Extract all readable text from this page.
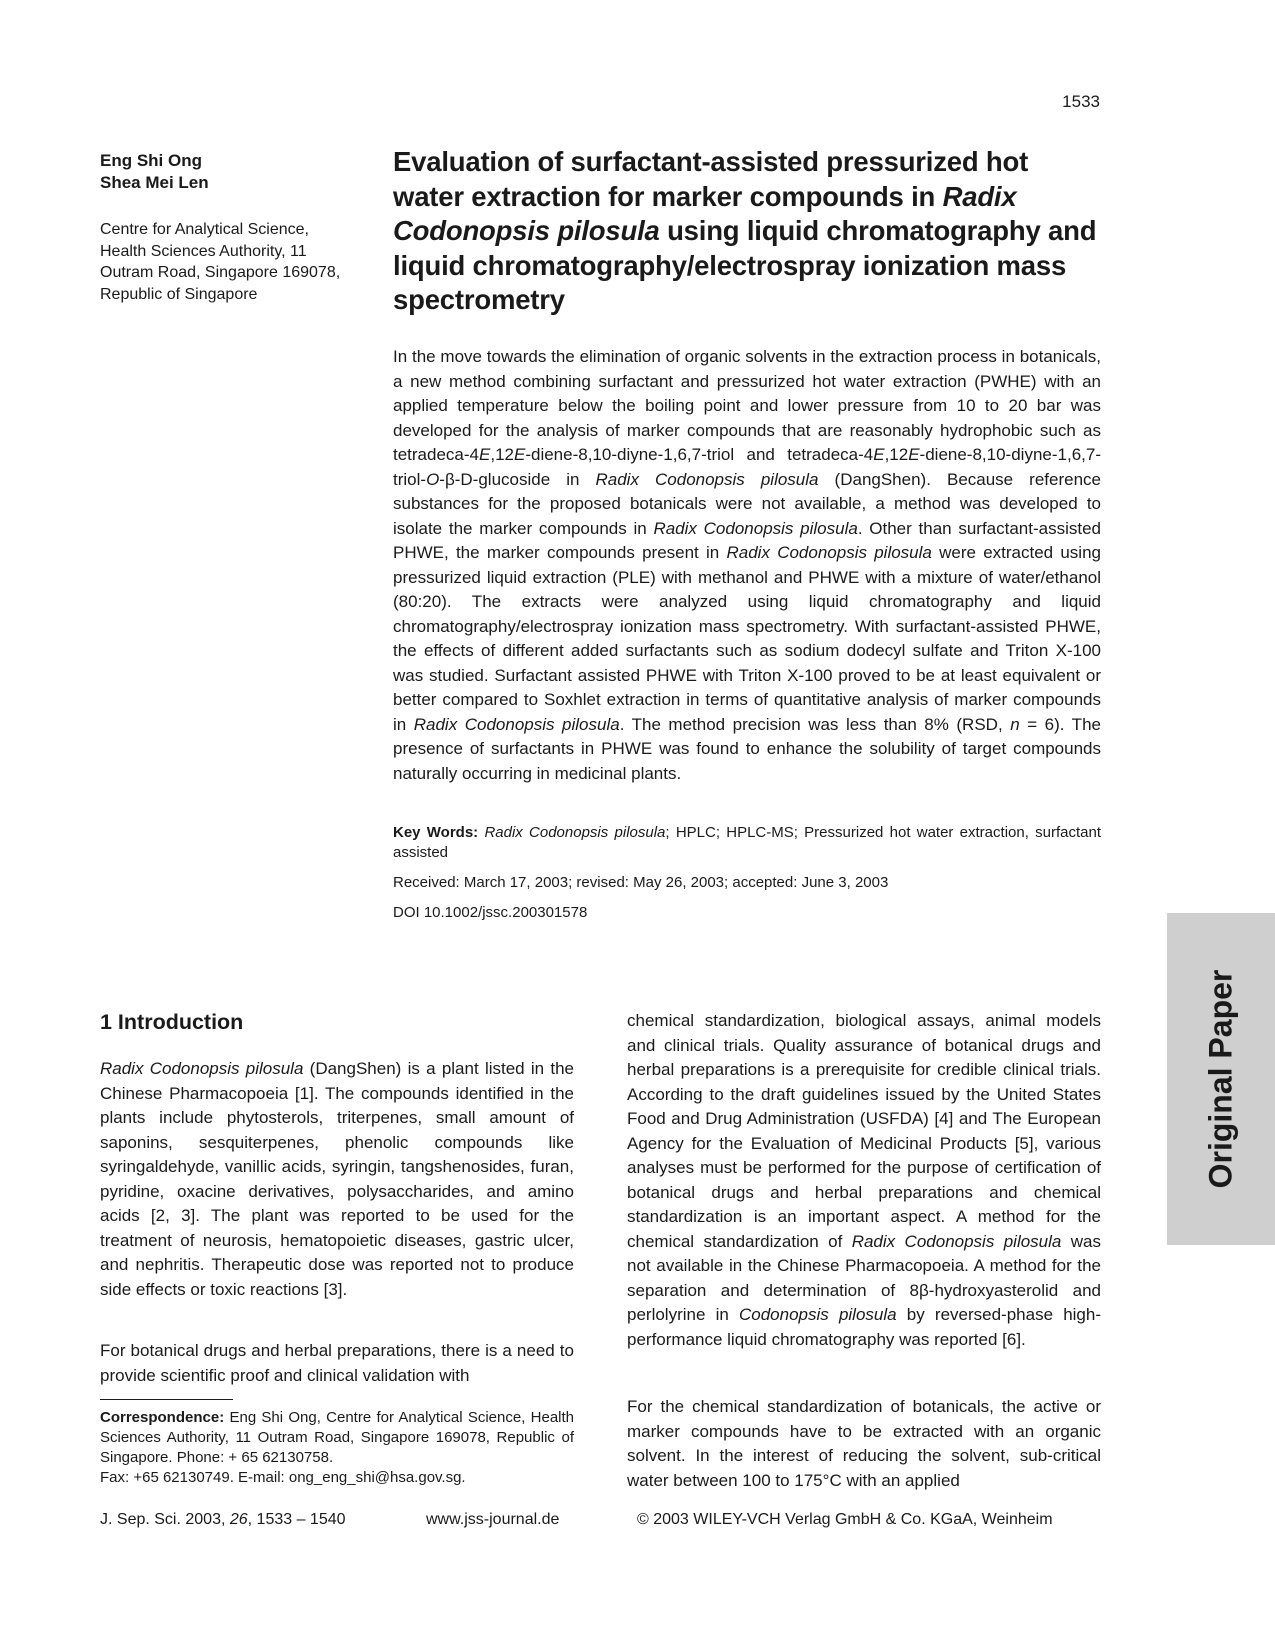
1533
Eng Shi Ong
Shea Mei Len
Centre for Analytical Science,
Health Sciences Authority, 11
Outram Road, Singapore 169078,
Republic of Singapore
Evaluation of surfactant-assisted pressurized hot water extraction for marker compounds in Radix Codonopsis pilosula using liquid chromatography and liquid chromatography/electrospray ionization mass spectrometry
In the move towards the elimination of organic solvents in the extraction process in botanicals, a new method combining surfactant and pressurized hot water extraction (PWHE) with an applied temperature below the boiling point and lower pressure from 10 to 20 bar was developed for the analysis of marker compounds that are reasonably hydrophobic such as tetradeca-4E,12E-diene-8,10-diyne-1,6,7-triol and tetradeca-4E,12E-diene-8,10-diyne-1,6,7-triol-O-β-D-glucoside in Radix Codonopsis pilosula (DangShen). Because reference substances for the proposed botanicals were not available, a method was developed to isolate the marker compounds in Radix Codonopsis pilosula. Other than surfactant-assisted PHWE, the marker compounds present in Radix Codonopsis pilosula were extracted using pressurized liquid extraction (PLE) with methanol and PHWE with a mixture of water/ethanol (80:20). The extracts were analyzed using liquid chromatography and liquid chromatography/electrospray ionization mass spectrometry. With surfactant-assisted PHWE, the effects of different added surfactants such as sodium dodecyl sulfate and Triton X-100 was studied. Surfactant assisted PHWE with Triton X-100 proved to be at least equivalent or better compared to Soxhlet extraction in terms of quantitative analysis of marker compounds in Radix Codonopsis pilosula. The method precision was less than 8% (RSD, n = 6). The presence of surfactants in PHWE was found to enhance the solubility of target compounds naturally occurring in medicinal plants.
Key Words: Radix Codonopsis pilosula; HPLC; HPLC-MS; Pressurized hot water extraction, surfactant assisted
Received: March 17, 2003; revised: May 26, 2003; accepted: June 3, 2003
DOI 10.1002/jssc.200301578
1 Introduction
Radix Codonopsis pilosula (DangShen) is a plant listed in the Chinese Pharmacopoeia [1]. The compounds identified in the plants include phytosterols, triterpenes, small amount of saponins, sesquiterpenes, phenolic compounds like syringaldehyde, vanillic acids, syringin, tangshenosides, furan, pyridine, oxacine derivatives, polysaccharides, and amino acids [2, 3]. The plant was reported to be used for the treatment of neurosis, hematopoietic diseases, gastric ulcer, and nephritis. Therapeutic dose was reported not to produce side effects or toxic reactions [3].
For botanical drugs and herbal preparations, there is a need to provide scientific proof and clinical validation with
chemical standardization, biological assays, animal models and clinical trials. Quality assurance of botanical drugs and herbal preparations is a prerequisite for credible clinical trials. According to the draft guidelines issued by the United States Food and Drug Administration (USFDA) [4] and The European Agency for the Evaluation of Medicinal Products [5], various analyses must be performed for the purpose of certification of botanical drugs and herbal preparations and chemical standardization is an important aspect. A method for the chemical standardization of Radix Codonopsis pilosula was not available in the Chinese Pharmacopoeia. A method for the separation and determination of 8β-hydroxyasterolid and perlolyrine in Codonopsis pilosula by reversed-phase high- performance liquid chromatography was reported [6].
For the chemical standardization of botanicals, the active or marker compounds have to be extracted with an organic solvent. In the interest of reducing the solvent, sub-critical water between 100 to 175°C with an applied
Correspondence: Eng Shi Ong, Centre for Analytical Science, Health Sciences Authority, 11 Outram Road, Singapore 169078, Republic of Singapore. Phone: + 65 62130758.
Fax: +65 62130749. E-mail: ong_eng_shi@hsa.gov.sg.
J. Sep. Sci. 2003, 26, 1533 – 1540	www.jss-journal.de	© 2003 WILEY-VCH Verlag GmbH & Co. KGaA, Weinheim
Original Paper
